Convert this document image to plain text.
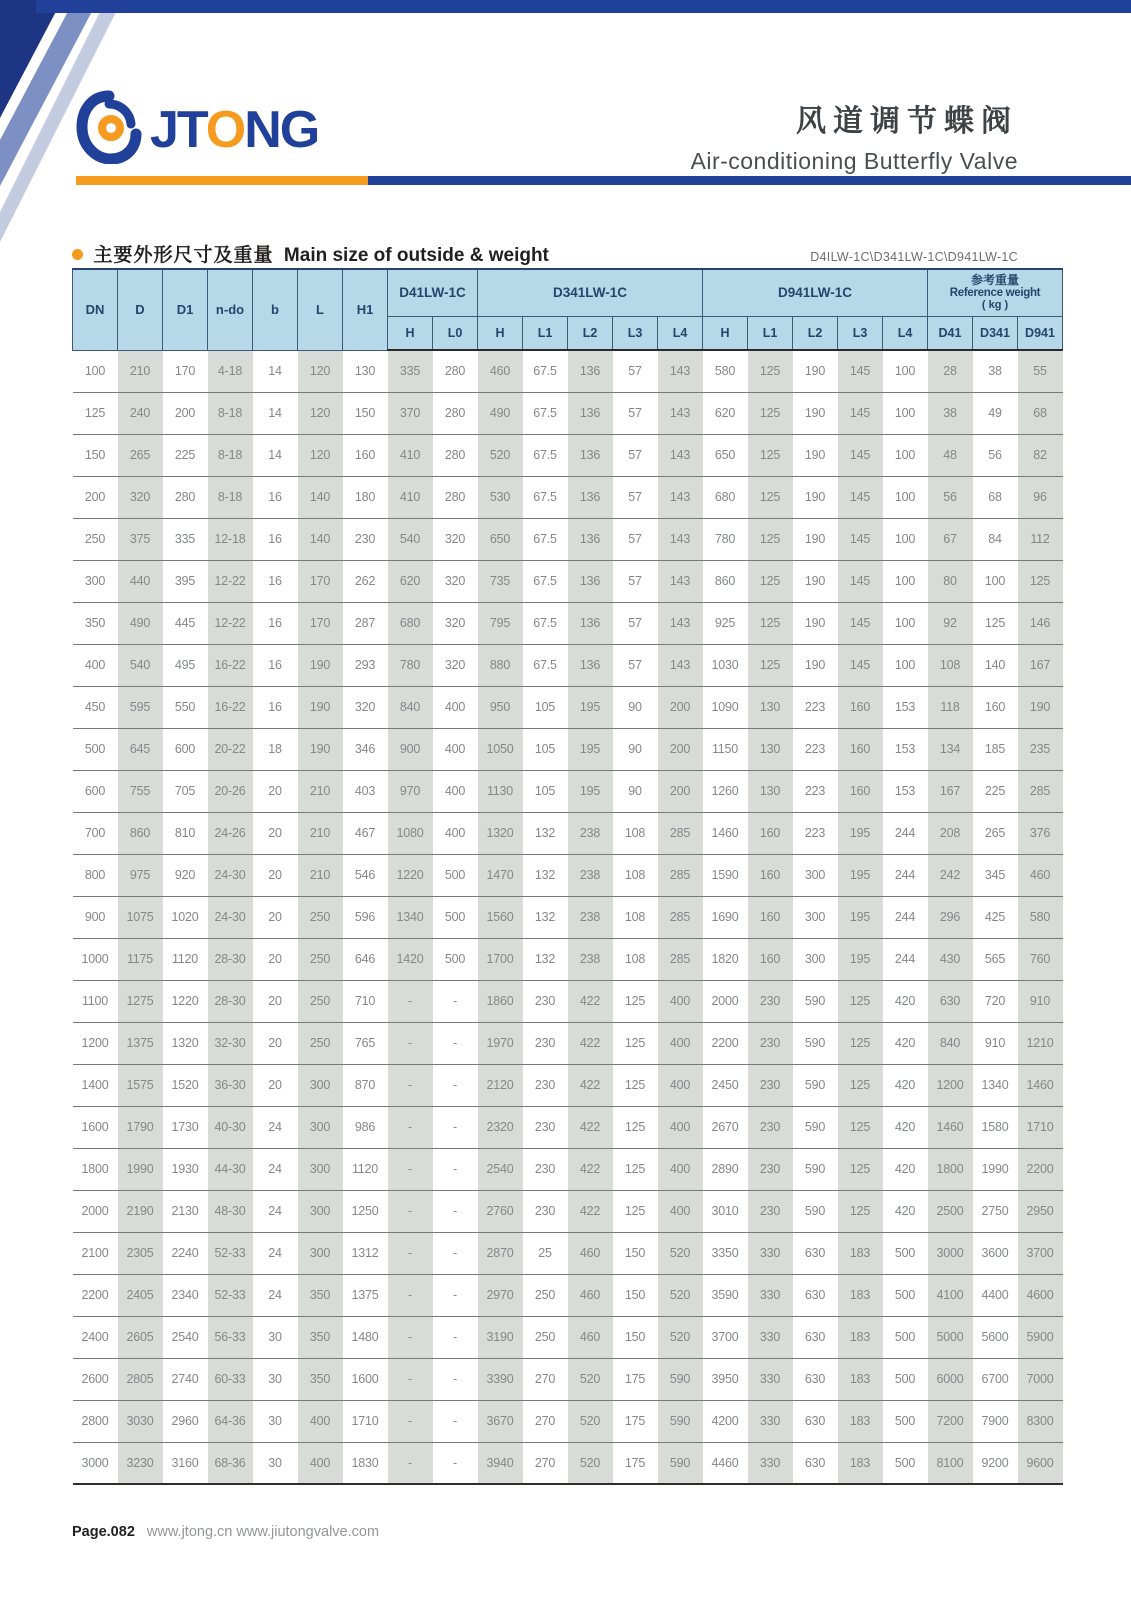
JTONG	风道调节蝶阀
Air-conditioning Butterfly Valve
主要外形尺寸及重量 Main size of outside & weight	D4ILW-1C\D341LW-1C\D941LW-1C
DN	D	D1	n-do	b	L	H1	D41LW-1C		D341LW-1C					D941LW-1C					参考重量
Reference weight
( kg )		

							H	L0	H	L1	L2	L3	L4	H	L1	L2	L3	L4	D41	D341	D941
100	210	170	4-18	14	120	130	335	280	460	67.5	136	57	143	580	125	190	145	100	28	38	55
125	240	200	8-18	14	120	150	370	280	490	67.5	136	57	143	620	125	190	145	100	38	49	68
150	265	225	8-18	14	120	160	410	280	520	67.5	136	57	143	650	125	190	145	100	48	56	82
200	320	280	8-18	16	140	180	410	280	530	67.5	136	57	143	680	125	190	145	100	56	68	96
250	375	335	12-18	16	140	230	540	320	650	67.5	136	57	143	780	125	190	145	100	67	84	112
300	440	395	12-22	16	170	262	620	320	735	67.5	136	57	143	860	125	190	145	100	80	100	125
350	490	445	12-22	16	170	287	680	320	795	67.5	136	57	143	925	125	190	145	100	92	125	146
400	540	495	16-22	16	190	293	780	320	880	67.5	136	57	143	1030	125	190	145	100	108	140	167
450	595	550	16-22	16	190	320	840	400	950	105	195	90	200	1090	130	223	160	153	118	160	190
500	645	600	20-22	18	190	346	900	400	1050	105	195	90	200	1150	130	223	160	153	134	185	235
600	755	705	20-26	20	210	403	970	400	1130	105	195	90	200	1260	130	223	160	153	167	225	285
700	860	810	24-26	20	210	467	1080	400	1320	132	238	108	285	1460	160	223	195	244	208	265	376
800	975	920	24-30	20	210	546	1220	500	1470	132	238	108	285	1590	160	300	195	244	242	345	460
900	1075	1020	24-30	20	250	596	1340	500	1560	132	238	108	285	1690	160	300	195	244	296	425	580
1000	1175	1120	28-30	20	250	646	1420	500	1700	132	238	108	285	1820	160	300	195	244	430	565	760
1100	1275	1220	28-30	20	250	710	-	-	1860	230	422	125	400	2000	230	590	125	420	630	720	910
1200	1375	1320	32-30	20	250	765	-	-	1970	230	422	125	400	2200	230	590	125	420	840	910	1210
1400	1575	1520	36-30	20	300	870	-	-	2120	230	422	125	400	2450	230	590	125	420	1200	1340	1460
1600	1790	1730	40-30	24	300	986	-	-	2320	230	422	125	400	2670	230	590	125	420	1460	1580	1710
1800	1990	1930	44-30	24	300	1120	-	-	2540	230	422	125	400	2890	230	590	125	420	1800	1990	2200
2000	2190	2130	48-30	24	300	1250	-	-	2760	230	422	125	400	3010	230	590	125	420	2500	2750	2950
2100	2305	2240	52-33	24	300	1312	-	-	2870	25	460	150	520	3350	330	630	183	500	3000	3600	3700
2200	2405	2340	52-33	24	350	1375	-	-	2970	250	460	150	520	3590	330	630	183	500	4100	4400	4600
2400	2605	2540	56-33	30	350	1480	-	-	3190	250	460	150	520	3700	330	630	183	500	5000	5600	5900
2600	2805	2740	60-33	30	350	1600	-	-	3390	270	520	175	590	3950	330	630	183	500	6000	6700	7000
2800	3030	2960	64-36	30	400	1710	-	-	3670	270	520	175	590	4200	330	630	183	500	7200	7900	8300
3000	3230	3160	68-36	30	400	1830	-	-	3940	270	520	175	590	4460	330	630	183	500	8100	9200	9600
Page.082 www.jtong.cn www.jiutongvalve.com
